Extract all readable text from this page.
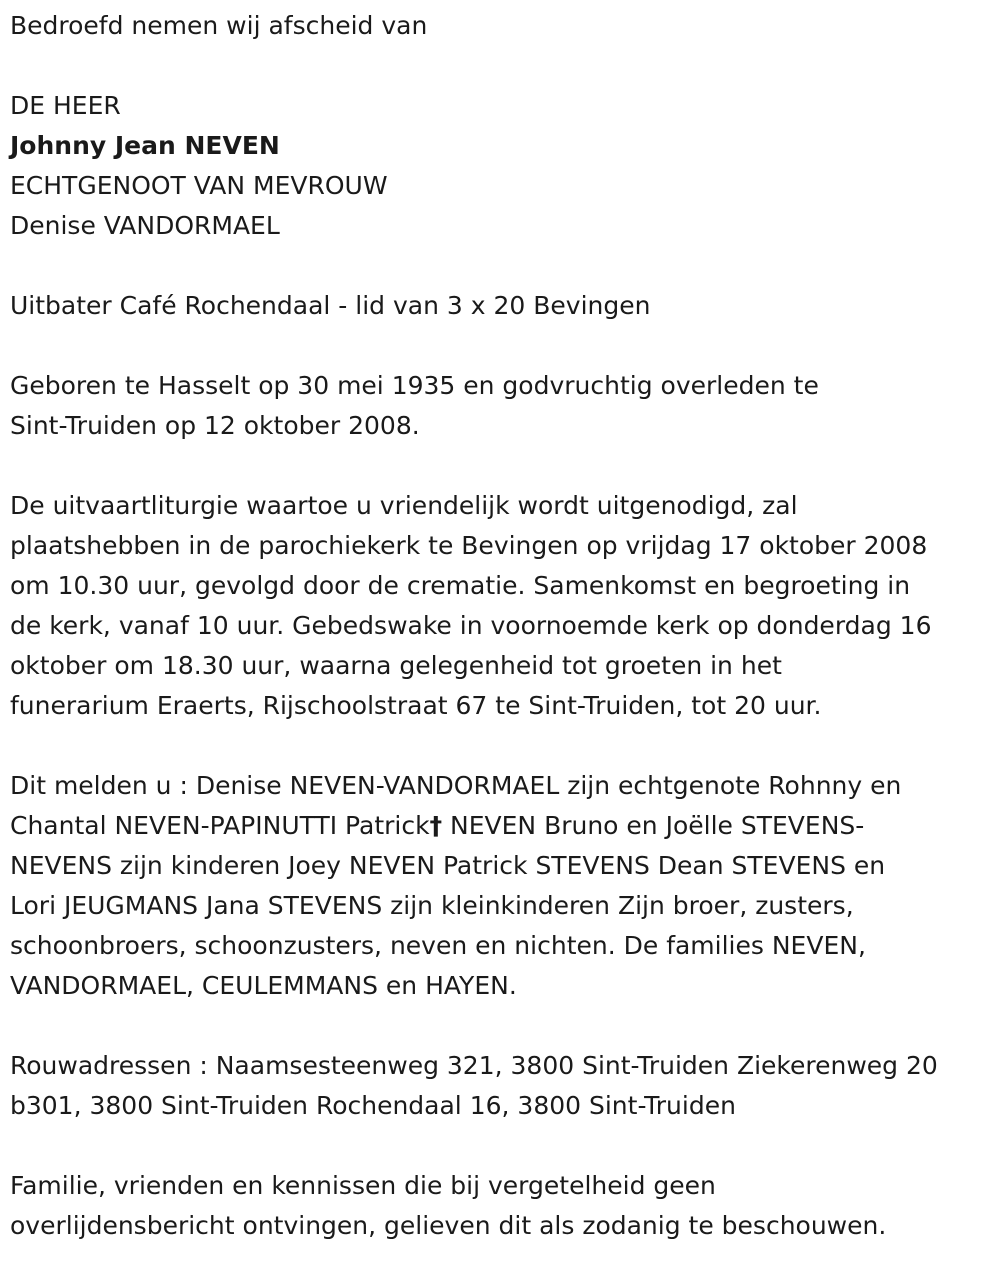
Bedroefd nemen wij afscheid van
DE HEER
Johnny Jean NEVEN
ECHTGENOOT VAN MEVROUW
Denise VANDORMAEL
Uitbater Café Rochendaal - lid van 3 x 20 Bevingen
Geboren te Hasselt op 30 mei 1935 en godvruchtig overleden te
Sint-Truiden op 12 oktober 2008.
De uitvaartliturgie waartoe u vriendelijk wordt uitgenodigd, zal
plaatshebben in de parochiekerk te Bevingen op vrijdag 17 oktober 2008
om 10.30 uur, gevolgd door de crematie. Samenkomst en begroeting in
de kerk, vanaf 10 uur. Gebedswake in voornoemde kerk op donderdag 16
oktober om 18.30 uur, waarna gelegenheid tot groeten in het
funerarium Eraerts, Rijschoolstraat 67 te Sint-Truiden, tot 20 uur.
Dit melden u : Denise NEVEN-VANDORMAEL zijn echtgenote Rohnny en
Chantal NEVEN-PAPINUTTI Patrick† NEVEN Bruno en Joëlle STEVENS-
NEVENS zijn kinderen Joey NEVEN Patrick STEVENS Dean STEVENS en
Lori JEUGMANS Jana STEVENS zijn kleinkinderen Zijn broer, zusters,
schoonbroers, schoonzusters, neven en nichten. De families NEVEN,
VANDORMAEL, CEULEMMANS en HAYEN.
Rouwadressen : Naamsesteenweg 321, 3800 Sint-Truiden Ziekerenweg 20
b301, 3800 Sint-Truiden Rochendaal 16, 3800 Sint-Truiden
Familie, vrienden en kennissen die bij vergetelheid geen
overlijdensbericht ontvingen, gelieven dit als zodanig te beschouwen.
